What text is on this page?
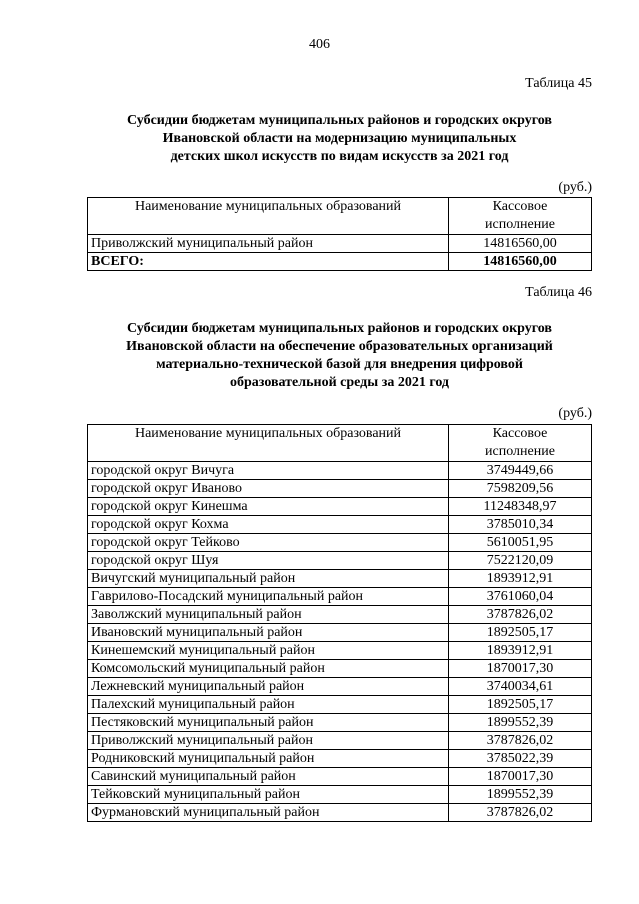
406
Таблица 45
Субсидии бюджетам муниципальных районов и городских округов
Ивановской области на модернизацию муниципальных
детских школ искусств по видам искусств за 2021 год
(руб.)
Наименование муниципальных образований	Кассовое
исполнение

Приволжский муниципальный район	14816560,00
ВСЕГО:	14816560,00
Таблица 46
Субсидии бюджетам муниципальных районов и городских округов
Ивановской области на обеспечение образовательных организаций
материально-технической базой для внедрения цифровой
образовательной среды за 2021 год
(руб.)
Наименование муниципальных образований	Кассовое
исполнение

городской округ Вичуга	3749449,66
городской округ Иваново	7598209,56
городской округ Кинешма	11248348,97
городской округ Кохма	3785010,34
городской округ Тейково	5610051,95
городской округ Шуя	7522120,09
Вичугский муниципальный район	1893912,91
Гаврилово-Посадский муниципальный район	3761060,04
Заволжский муниципальный район	3787826,02
Ивановский муниципальный район	1892505,17
Кинешемский муниципальный район	1893912,91
Комсомольский муниципальный район	1870017,30
Лежневский муниципальный район	3740034,61
Палехский муниципальный район	1892505,17
Пестяковский муниципальный район	1899552,39
Приволжский муниципальный район	3787826,02
Родниковский муниципальный район	3785022,39
Савинский муниципальный район	1870017,30
Тейковский муниципальный район	1899552,39
Фурмановский муниципальный район	3787826,02
